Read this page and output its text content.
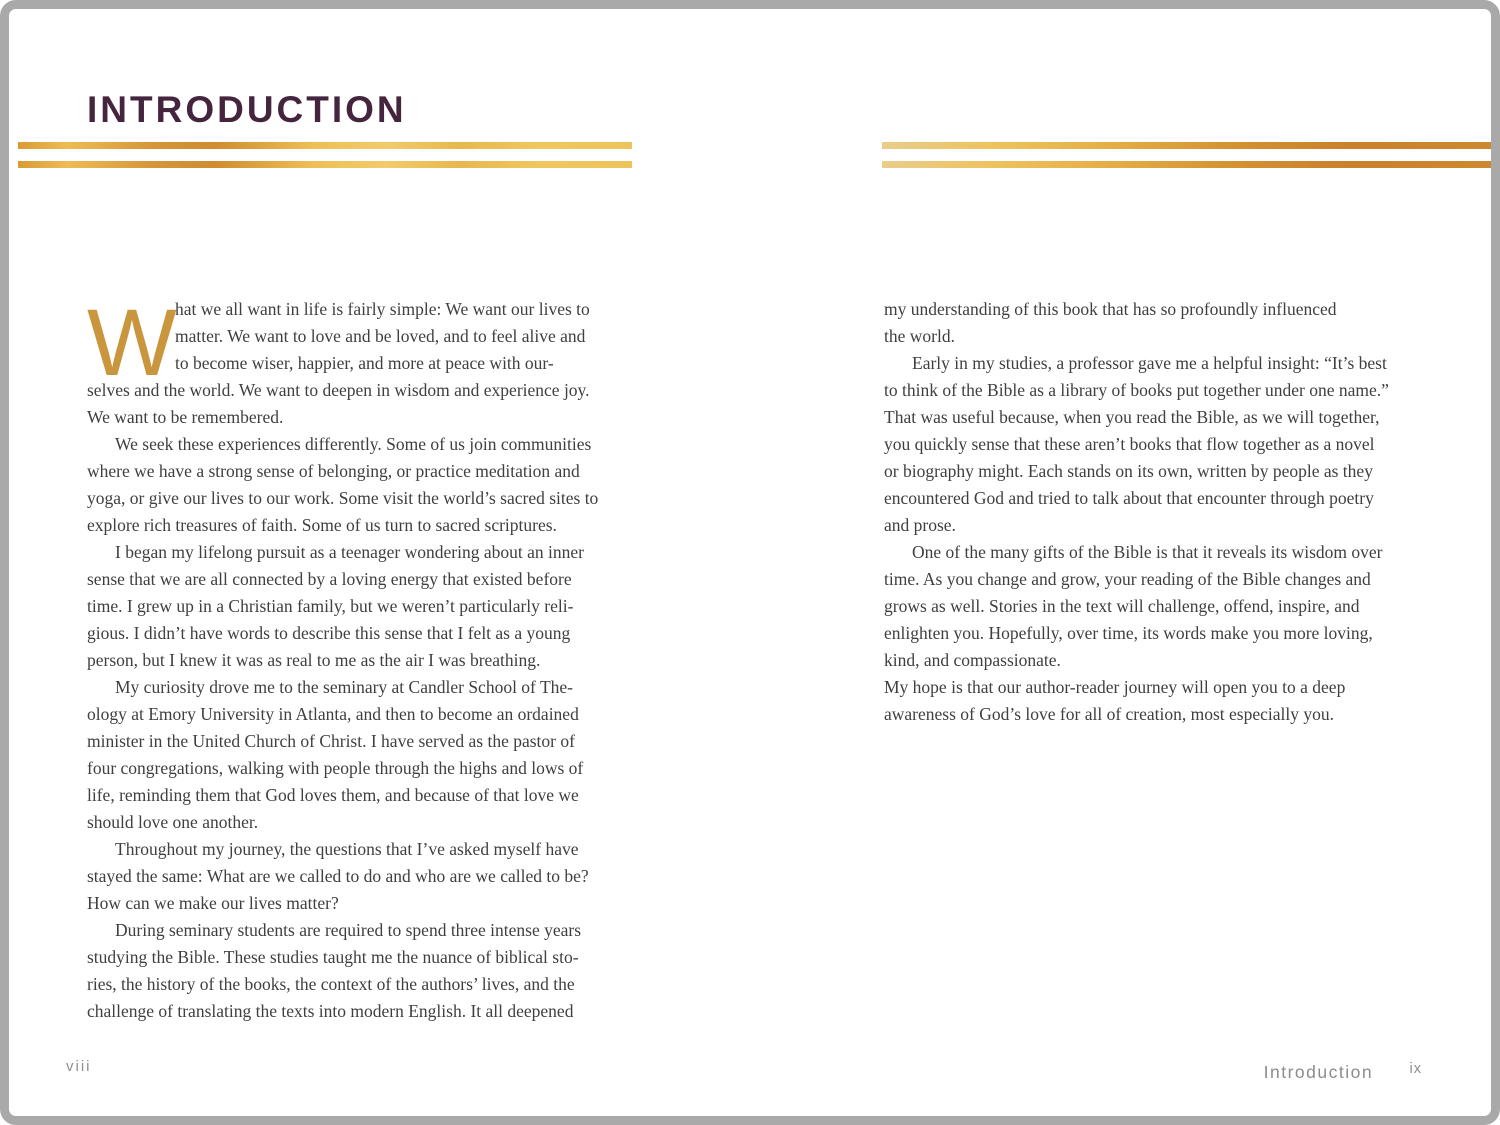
INTRODUCTION
W
hat we all want in life is fairly simple: We want our lives to
matter. We want to love and be loved, and to feel alive and
to become wiser, happier, and more at peace with our-
selves and the world. We want to deepen in wisdom and experience joy.
We want to be remembered.
We seek these experiences differently. Some of us join communities
where we have a strong sense of belonging, or practice meditation and
yoga, or give our lives to our work. Some visit the world’s sacred sites to
explore rich treasures of faith. Some of us turn to sacred scriptures.
I began my lifelong pursuit as a teenager wondering about an inner
sense that we are all connected by a loving energy that existed before
time. I grew up in a Christian family, but we weren’t particularly reli-
gious. I didn’t have words to describe this sense that I felt as a young
person, but I knew it was as real to me as the air I was breathing.
My curiosity drove me to the seminary at Candler School of The-
ology at Emory University in Atlanta, and then to become an ordained
minister in the United Church of Christ. I have served as the pastor of
four congregations, walking with people through the highs and lows of
life, reminding them that God loves them, and because of that love we
should love one another.
Throughout my journey, the questions that I’ve asked myself have
stayed the same: What are we called to do and who are we called to be?
How can we make our lives matter?
During seminary students are required to spend three intense years
studying the Bible. These studies taught me the nuance of biblical sto-
ries, the history of the books, the context of the authors’ lives, and the
challenge of translating the texts into modern English. It all deepened
viii
my understanding of this book that has so profoundly influenced
the world.
Early in my studies, a professor gave me a helpful insight: “It’s best
to think of the Bible as a library of books put together under one name.”
That was useful because, when you read the Bible, as we will together,
you quickly sense that these aren’t books that flow together as a novel
or biography might. Each stands on its own, written by people as they
encountered God and tried to talk about that encounter through poetry
and prose.
One of the many gifts of the Bible is that it reveals its wisdom over
time. As you change and grow, your reading of the Bible changes and
grows as well. Stories in the text will challenge, offend, inspire, and
enlighten you. Hopefully, over time, its words make you more loving,
kind, and compassionate.
My hope is that our author-reader journey will open you to a deep
awareness of God’s love for all of creation, most especially you.
Introduction	ix
